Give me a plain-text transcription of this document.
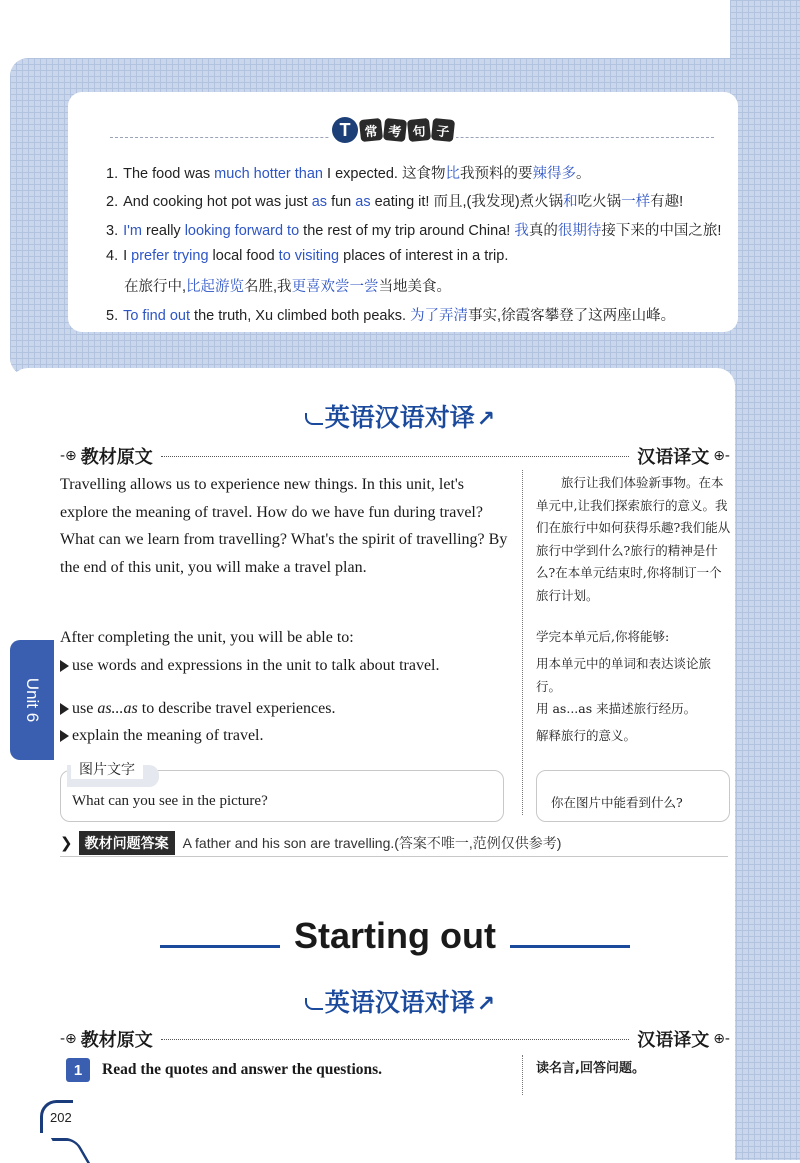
T	常 考 句 子
1. The food was much hotter than I expected. 这食物比我预料的要辣得多。
2. And cooking hot pot was just as fun as eating it! 而且,(我发现)煮火锅和吃火锅一样有趣!
3. I'm really looking forward to the rest of my trip around China! 我真的很期待接下来的中国之旅!
4. I prefer trying local food to visiting places of interest in a trip.
在旅行中,比起游览名胜,我更喜欢尝一尝当地美食。
5. To find out the truth, Xu climbed both peaks. 为了弄清事实,徐霞客攀登了这两座山峰。
英语汉语对译↗
-⊕ 教材原文	汉语译文 ⊕-
Travelling allows us to experience new things. In this unit, let's explore the meaning of travel. How do we have fun during travel? What can we learn from travelling? What's the spirit of travelling? By the end of this unit, you will make a travel plan.
旅行让我们体验新事物。在本单元中,让我们探索旅行的意义。我们在旅行中如何获得乐趣?我们能从旅行中学到什么?旅行的精神是什么?在本单元结束时,你将制订一个旅行计划。
After completing the unit, you will be able to:	学完本单元后,你将能够:
use words and expressions in the unit to talk about travel.	用本单元中的单词和表达谈论旅行。
use as...as to describe travel experiences.	用 as...as 来描述旅行经历。
explain the meaning of travel.	解释旅行的意义。
图片文字
What can you see in the picture?	你在图片中能看到什么?
❯ 教材问题答案	A father and his son are travelling.(答案不唯一,范例仅供参考)
Unit 6
Starting out
英语汉语对译↗
-⊕ 教材原文	汉语译文 ⊕-
1	Read the quotes and answer the questions.	读名言,回答问题。
202
